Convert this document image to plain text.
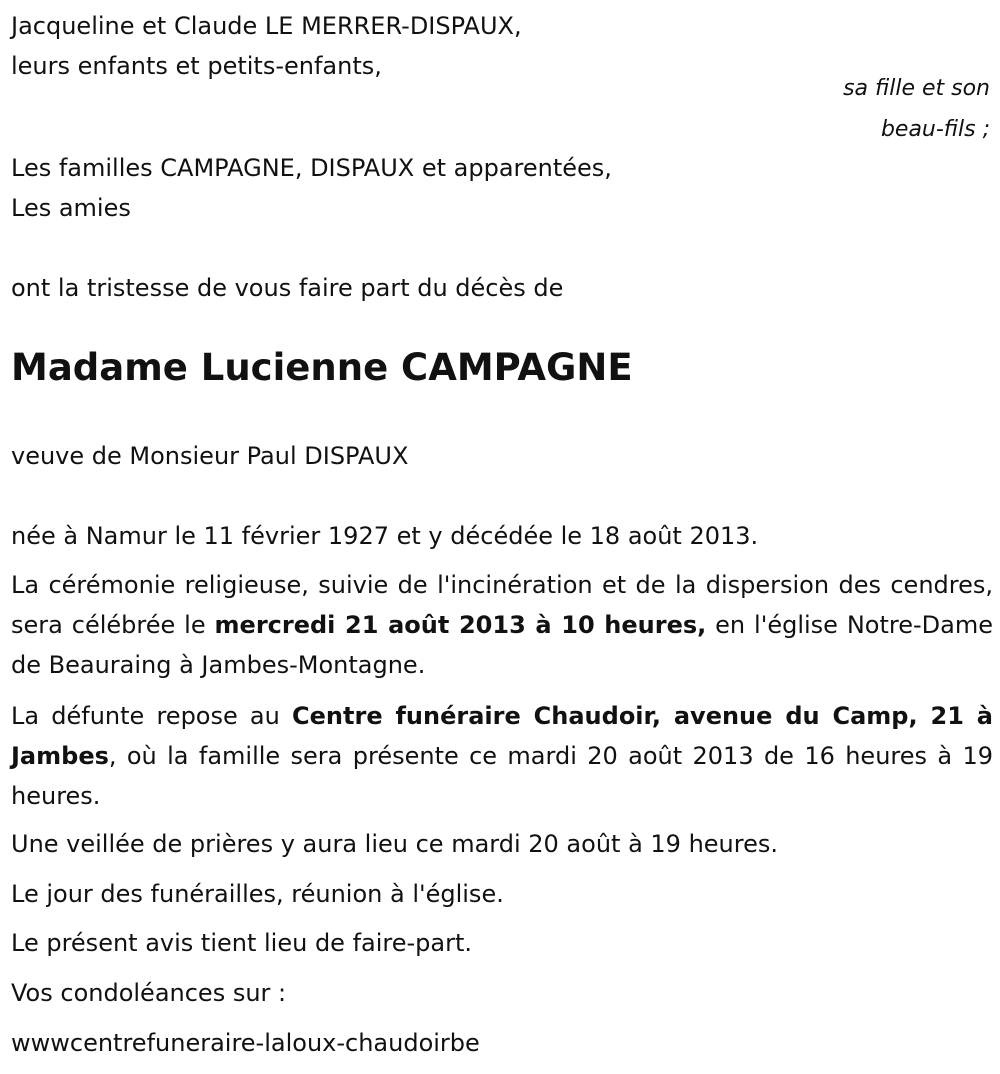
Jacqueline et Claude LE MERRER-DISPAUX,

leurs enfants et petits-enfants,

sa fille et son

beau-fils ;

Les familles CAMPAGNE, DISPAUX et apparentées,

Les amies

ont la tristesse de vous faire part du décès de

Madame Lucienne CAMPAGNE

veuve de Monsieur Paul DISPAUX

née à Namur le 11 février 1927 et y décédée le 18 août 2013.

La cérémonie religieuse, suivie de l'incinération et de la dispersion des cendres, sera célébrée le mercredi 21 août 2013 à 10 heures, en l'église Notre-Dame de Beauraing à Jambes-Montagne.

La défunte repose au Centre funéraire Chaudoir, avenue du Camp, 21 à Jambes, où la famille sera présente ce mardi 20 août 2013 de 16 heures à 19 heures.

Une veillée de prières y aura lieu ce mardi 20 août à 19 heures.

Le jour des funérailles, réunion à l'église.

Le présent avis tient lieu de faire-part.

Vos condoléances sur :

wwwcentrefuneraire-laloux-chaudoirbe
